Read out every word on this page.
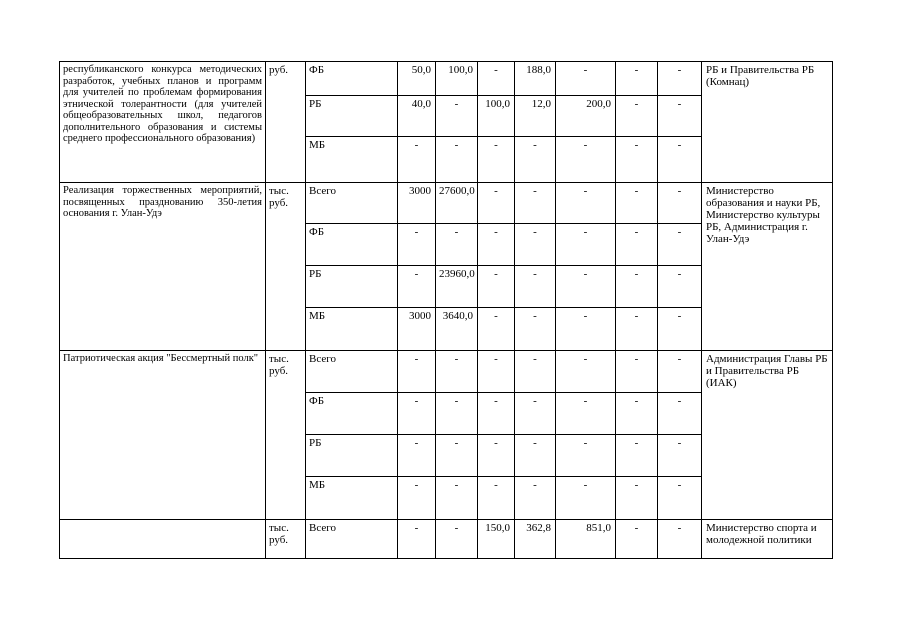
республиканского конкурса методических разработок, учебных планов и программ для учителей по проблемам формирования этнической толерантности (для учителей общеобразовательных школ, педагогов дополнительного образования и системы среднего профессионального образования)	руб.	ФБ	50,0	100,0	-	188,0	-	-	-	РБ и Правительства РБ (Комнац)
		РБ	40,0	-	100,0	12,0	200,0	-	-	
		МБ	-	-	-	-	-	-	-	
Реализация торжественных мероприятий, посвященных празднованию 350-летия основания г. Улан-Удэ	тыс. руб.	Всего	3000	27600,0	-	-	-	-	-	Министерство образования и науки РБ, Министерство культуры РБ, Администрация г. Улан-Удэ
		ФБ	-	-	-	-	-	-	-	
		РБ	-	23960,0	-	-	-	-	-	
		МБ	3000	3640,0	-	-	-	-	-	
Патриотическая акция "Бессмертный полк"	тыс. руб.	Всего	-	-	-	-	-	-	-	Администрация Главы РБ и Правительства РБ (ИАК)
		ФБ	-	-	-	-	-	-	-	
		РБ	-	-	-	-	-	-	-	
		МБ	-	-	-	-	-	-	-	
	тыс. руб.	Всего	-	-	150,0	362,8	851,0	-	-	Министерство спорта и молодежной политики
